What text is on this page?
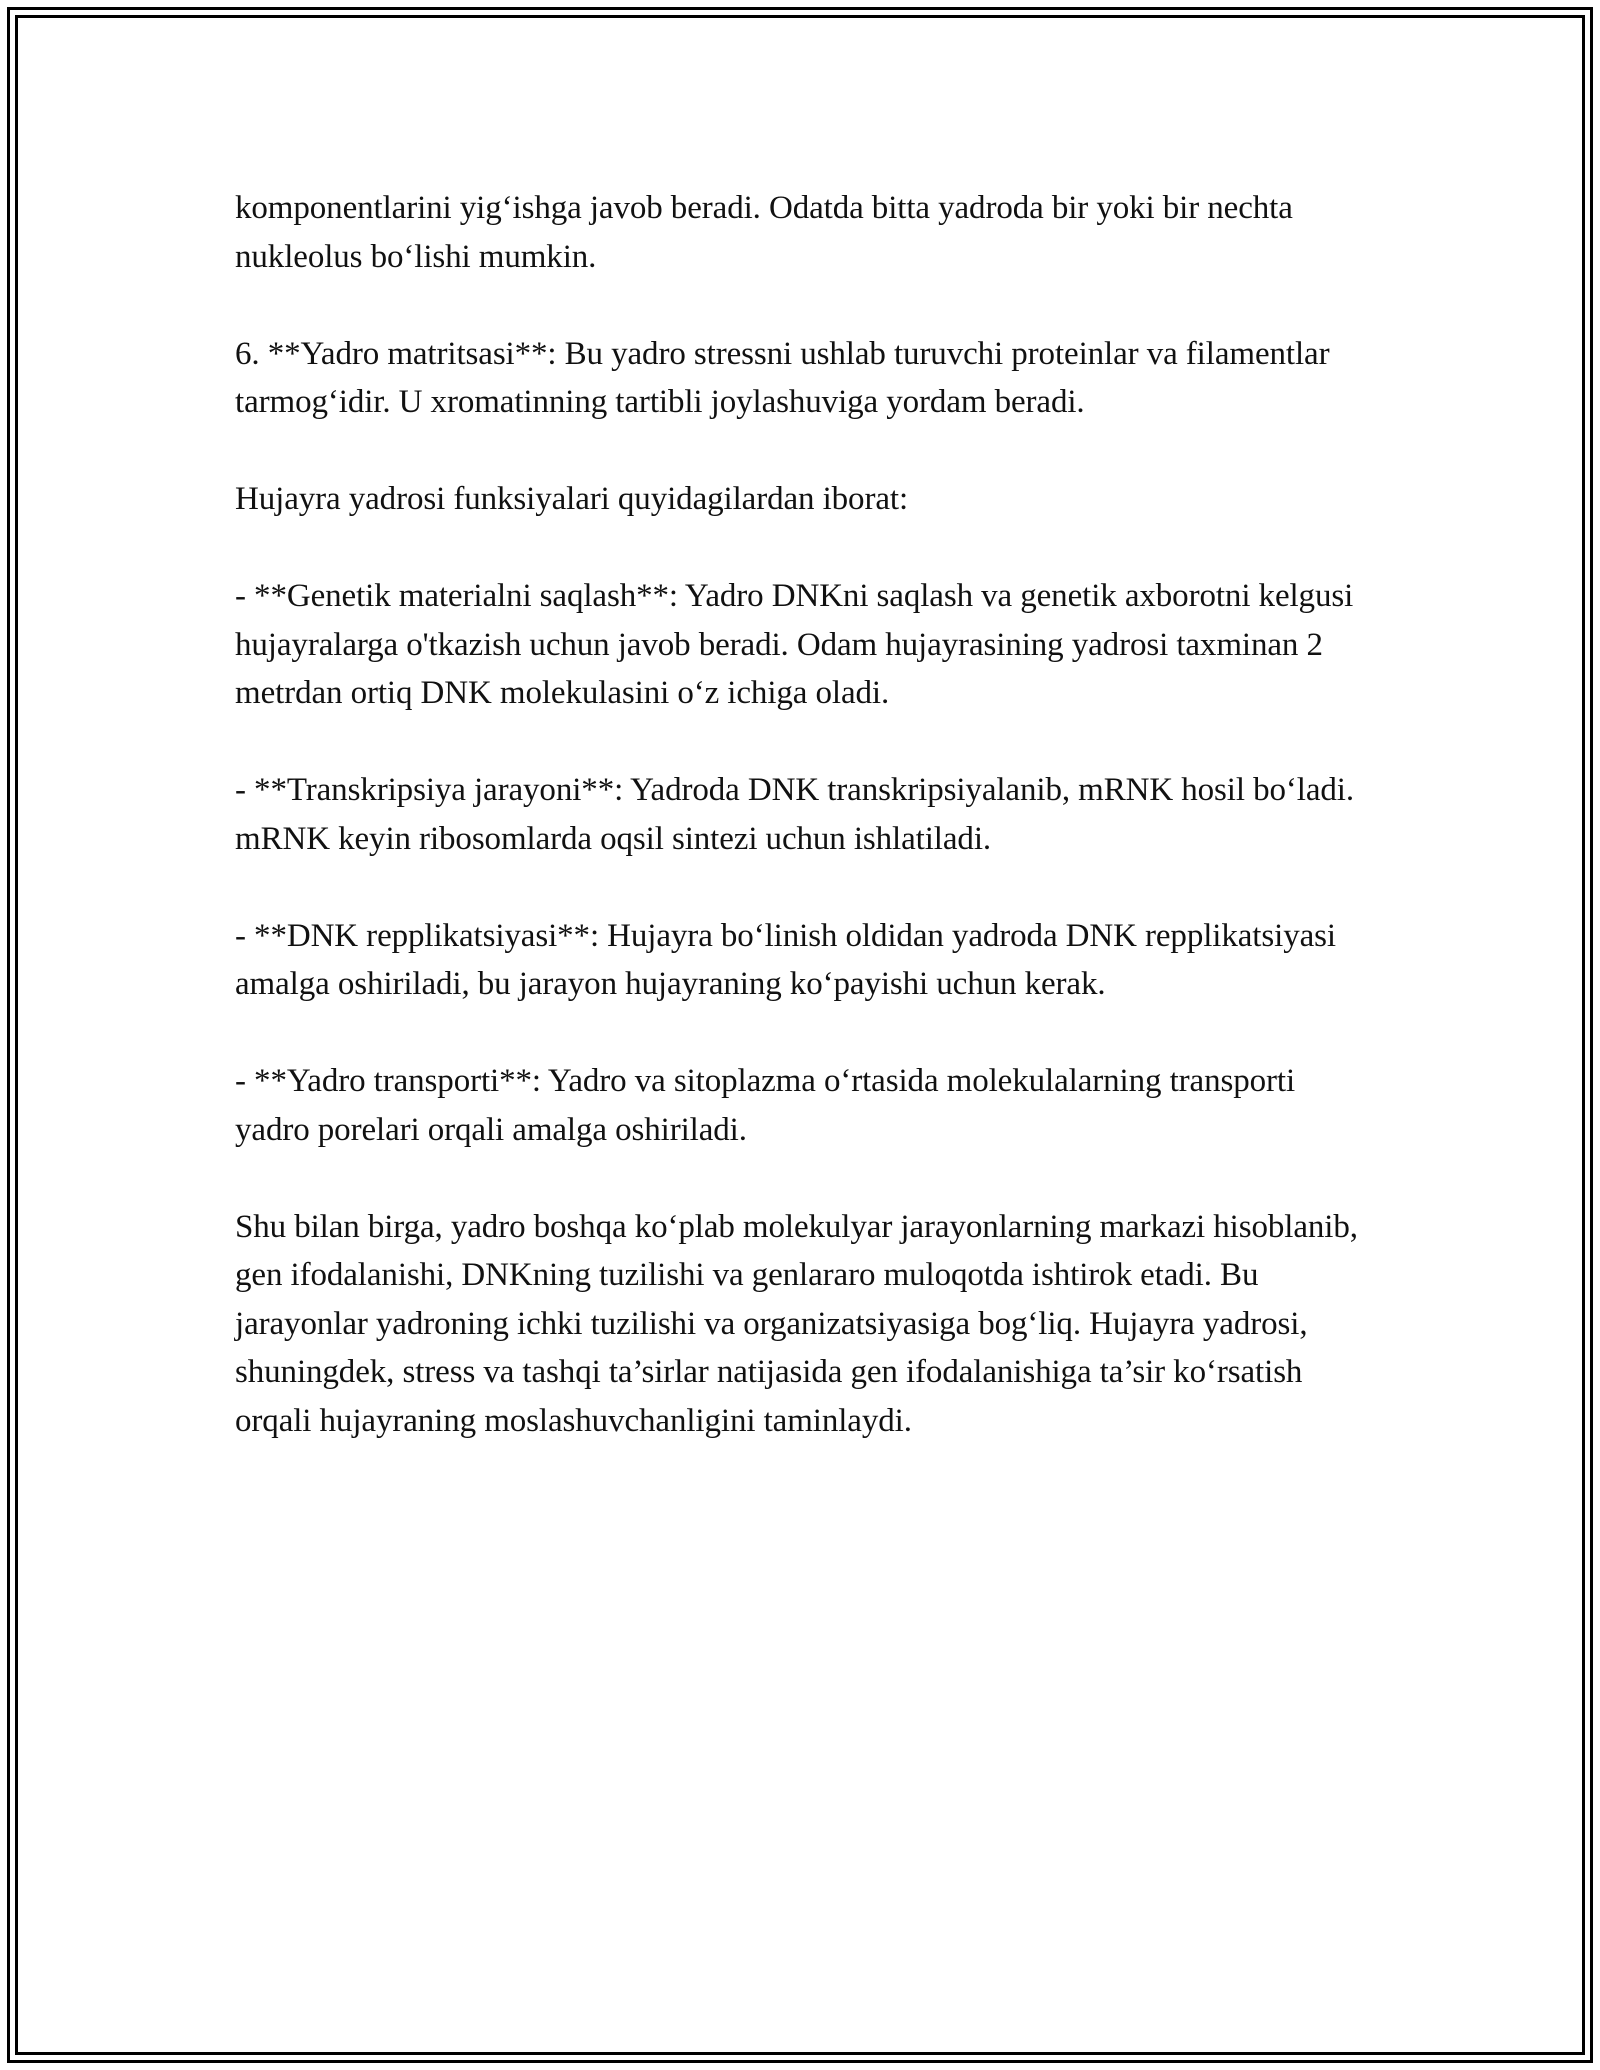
komponentlarini yig‘ishga javob beradi. Odatda bitta yadroda bir yoki bir nechta nukleolus bo‘lishi mumkin.

6. **Yadro matritsasi**: Bu yadro stressni ushlab turuvchi proteinlar va filamentlar tarmog‘idir. U xromatinning tartibli joylashuviga yordam beradi.

Hujayra yadrosi funksiyalari quyidagilardan iborat:

- **Genetik materialni saqlash**: Yadro DNKni saqlash va genetik axborotni kelgusi hujayralarga o'tkazish uchun javob beradi. Odam hujayrasining yadrosi taxminan 2 metrdan ortiq DNK molekulasini o‘z ichiga oladi.

- **Transkripsiya jarayoni**: Yadroda DNK transkripsiyalanib, mRNK hosil bo‘ladi. mRNK keyin ribosomlarda oqsil sintezi uchun ishlatiladi.

- **DNK repplikatsiyasi**: Hujayra bo‘linish oldidan yadroda DNK repplikatsiyasi amalga oshiriladi, bu jarayon hujayraning ko‘payishi uchun kerak.

- **Yadro transporti**: Yadro va sitoplazma o‘rtasida molekulalarning transporti yadro porelari orqali amalga oshiriladi.

Shu bilan birga, yadro boshqa ko‘plab molekulyar jarayonlarning markazi hisoblanib, gen ifodalanishi, DNKning tuzilishi va genlararo muloqotda ishtirok etadi. Bu jarayonlar yadroning ichki tuzilishi va organizatsiyasiga bog‘liq. Hujayra yadrosi, shuningdek, stress va tashqi ta’sirlar natijasida gen ifodalanishiga ta’sir ko‘rsatish orqali hujayraning moslashuvchanligini taminlaydi.
